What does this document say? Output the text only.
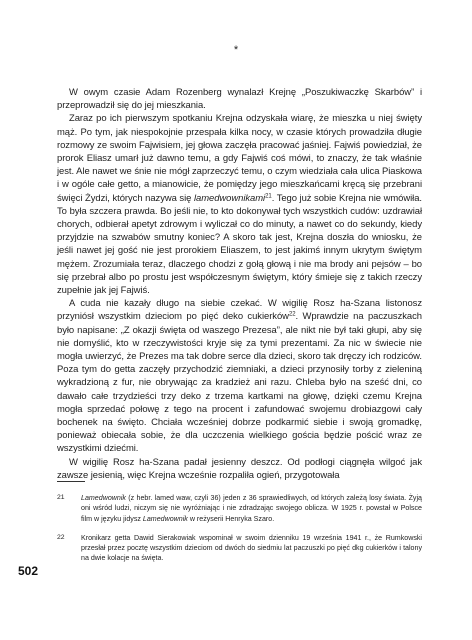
*

W owym czasie Adam Rozenberg wynalazł Krejnę „Poszukiwaczkę Skarbów” i przeprowadził się do jej mieszkania.

Zaraz po ich pierwszym spotkaniu Krejna odzyskała wiarę, że mieszka u niej święty mąż. Po tym, jak niespokojnie przespała kilka nocy, w czasie których prowadziła długie rozmowy ze swoim Fajwisiem, jej głowa zaczęła pracować jaśniej. Fajwiś powiedział, że prorok Eliasz umarł już dawno temu, a gdy Fajwiś coś mówi, to znaczy, że tak właśnie jest. Ale nawet we śnie nie mógł zaprzeczyć temu, o czym wiedziała cała ulica Piaskowa i w ogóle całe getto, a mianowicie, że pomiędzy jego mieszkańcami kręcą się przebrani święci Żydzi, których nazywa się lamedwownikami$^{21}$. Tego już sobie Krejna nie wmówiła. To była szczera prawda. Bo jeśli nie, to kto dokonywał tych wszystkich cudów: uzdrawiał chorych, odbierał apetyt zdrowym i wyliczał co do minuty, a nawet co do sekundy, kiedy przyjdzie na szwabów smutny koniec? A skoro tak jest, Krejna doszła do wniosku, że jeśli nawet jej gość nie jest prorokiem Eliaszem, to jest jakimś innym ukrytym świętym mężem. Zrozumiała teraz, dlaczego chodzi z gołą głową i nie ma brody ani pejsów – bo się przebrał albo po prostu jest współczesnym świętym, który śmieje się z takich rzeczy zupełnie jak jej Fajwiś.

A cuda nie kazały długo na siebie czekać. W wigilię Rosz ha-Szana listonosz przyniósł wszystkim dzieciom po pięć deko cukierków$^{22}$. Wprawdzie na paczuszkach było napisane: „Z okazji święta od waszego Prezesa”, ale nikt nie był taki głupi, aby się nie domyślić, kto w rzeczywistości kryje się za tymi prezentami. Za nic w świecie nie mogła uwierzyć, że Prezes ma tak dobre serce dla dzieci, skoro tak dręczy ich rodziców. Poza tym do getta zaczęły przychodzić ziemniaki, a dzieci przynosiły torby z zieleniną wykradzioną z fur, nie obrywając za kradzież ani razu. Chleba było na sześć dni, co dawało całe trzydzieści trzy deko z trzema kartkami na głowę, dzięki czemu Krejna mogła sprzedać połowę z tego na procent i zafundować swojemu drobiazgowi cały bochenek na święto. Chciała wcześniej dobrze podkarmić siebie i swoją gromadkę, ponieważ obiecała sobie, że dla uczczenia wielkiego gościa będzie pościć wraz ze wszystkimi dziećmi.

W wigilię Rosz ha-Szana padał jesienny deszcz. Od podłogi ciągnęła wilgoć jak zawsze jesienią, więc Krejna wcześnie rozpaliła ogień, przygotowała

21	Lamedwownik (z hebr. lamed waw, czyli 36) jeden z 36 sprawiedliwych, od których zależą losy świata. Żyją oni wśród ludzi, niczym się nie wyróżniając i nie zdradzając swojego oblicza. W 1925 r. powstał w Polsce film w języku jidysz Lamedwownik w reżyserii Henryka Szaro.
22	Kronikarz getta Dawid Sierakowiak wspominał w swoim dzienniku 19 września 1941 r., że Rumkowski przesłał przez pocztę wszystkim dzieciom od dwóch do siedmiu lat paczuszki po pięć dkg cukierków i talony na dwie kolacje na święta.
502
